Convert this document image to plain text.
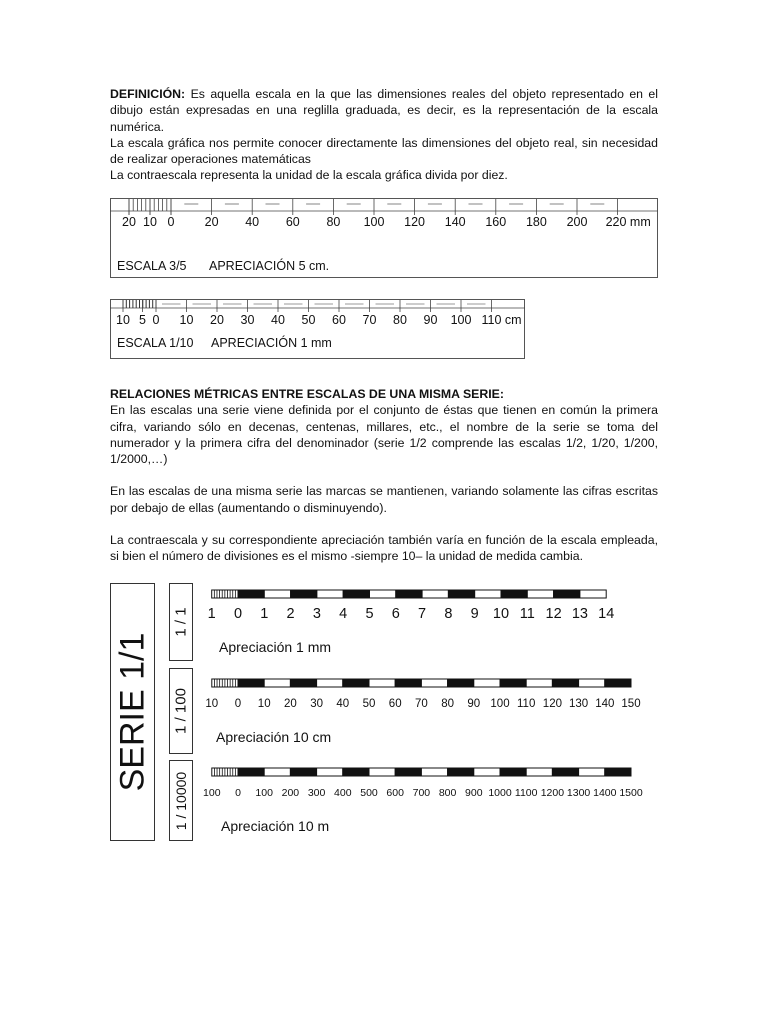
DEFINICIÓN: Es aquella escala en la que las dimensiones reales del objeto representado en el dibujo están expresadas en una reglilla graduada, es decir, es la representación de la escala numérica.

La escala gráfica nos permite conocer directamente las dimensiones del objeto real, sin necesidad de realizar operaciones matemáticas

La contraescala representa la unidad de la escala gráfica divida por diez.

20 10 0 20 40 60 80 100 120 140 160 180 200 220 mm
ESCALA 3/5 APRECIACIÓN 5 cm.
10 5 0 10 20 30 40 50 60 70 80 90 100 110 cm
ESCALA 1/10 APRECIACIÓN 1 mm

RELACIONES MÉTRICAS ENTRE ESCALAS DE UNA MISMA SERIE:

En las escalas una serie viene definida por el conjunto de éstas que tienen en común la primera cifra, variando sólo en decenas, centenas, millares, etc., el nombre de la serie se toma del numerador y la primera cifra del denominador (serie 1/2 comprende las escalas 1/2, 1/20, 1/200, 1/2000,…)

En las escalas de una misma serie las marcas se mantienen, variando solamente las cifras escritas por debajo de ellas (aumentando o disminuyendo).

La contraescala y su correspondiente apreciación también varía en función de la escala empleada, si bien el número de divisiones es el mismo -siempre 10– la unidad de medida cambia.

SERIE 1/1
1 / 1
1 / 100
1 / 10000
1 0 1 2 3 4 5 6 7 8 9 10 11 12 13 14
Apreciación 1 mm
10 0 10 20 30 40 50 60 70 80 90 100 110 120 130 140 150
Apreciación 10 cm
100 0 100 200 300 400 500 600 700 800 900 1000 1100 1200 1300 1400 1500
Apreciación 10 m
